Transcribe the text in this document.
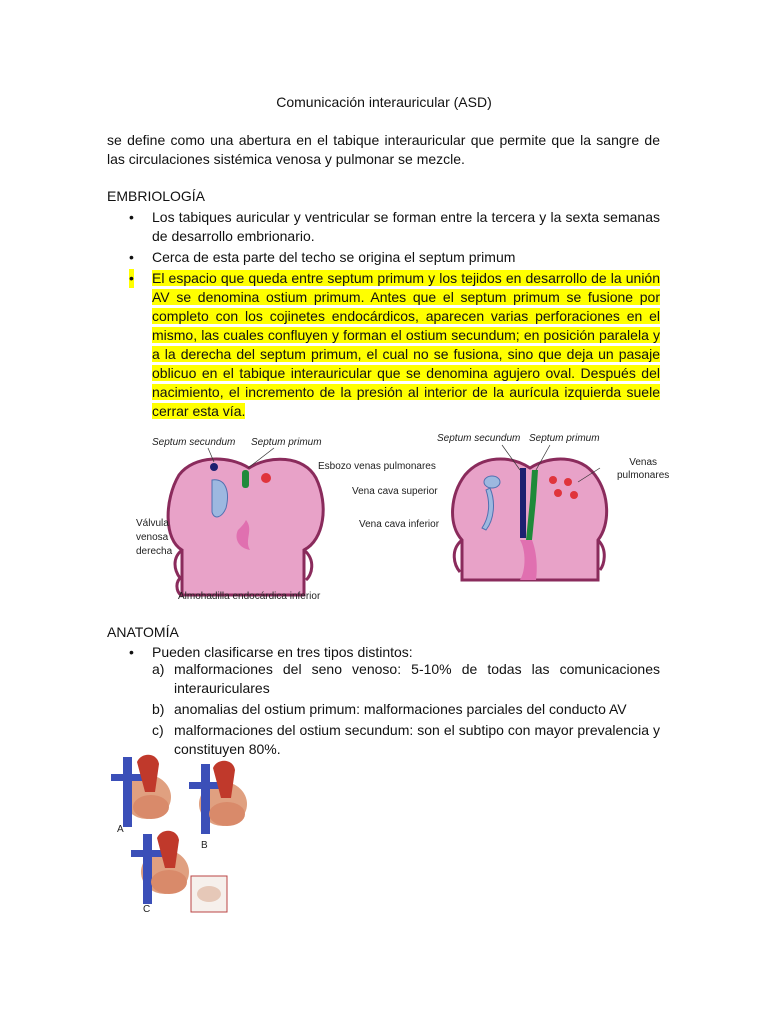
Comunicación interauricular (ASD)
se define como una abertura en el tabique interauricular que permite que la sangre de las circulaciones sistémica venosa y pulmonar se mezcle.
EMBRIOLOGÍA
• Los tabiques auricular y ventricular se forman entre la tercera y la sexta semanas de desarrollo embrionario.
• Cerca de esta parte del techo se origina el septum primum
• El espacio que queda entre septum primum y los tejidos en desarrollo de la unión AV se denomina ostium primum. Antes que el septum primum se fusione por completo con los cojinetes endocárdicos, aparecen varias perforaciones en el mismo, las cuales confluyen y forman el ostium secundum; en posición paralela y a la derecha del septum primum, el cual no se fusiona, sino que deja un pasaje oblicuo en el tabique interauricular que se denomina agujero oval. Después del nacimiento, el incremento de la presión al interior de la aurícula izquierda suele cerrar esta vía.
Septum secundum Septum primum
Esbozo venas pulmonares
Válvula
venosa
derecha
Almohadilla endocárdica inferior
Septum secundum Septum primum
Venas
pulmonares
Vena cava superior
Vena cava inferior
ANATOMÍA
• Pueden clasificarse en tres tipos distintos:
a) malformaciones del seno venoso: 5-10% de todas las comunicaciones interauriculares
b) anomalias del ostium primum: malformaciones parciales del conducto AV
c) malformaciones del ostium secundum: son el subtipo con mayor prevalencia y constituyen 80%.
A
B
C
